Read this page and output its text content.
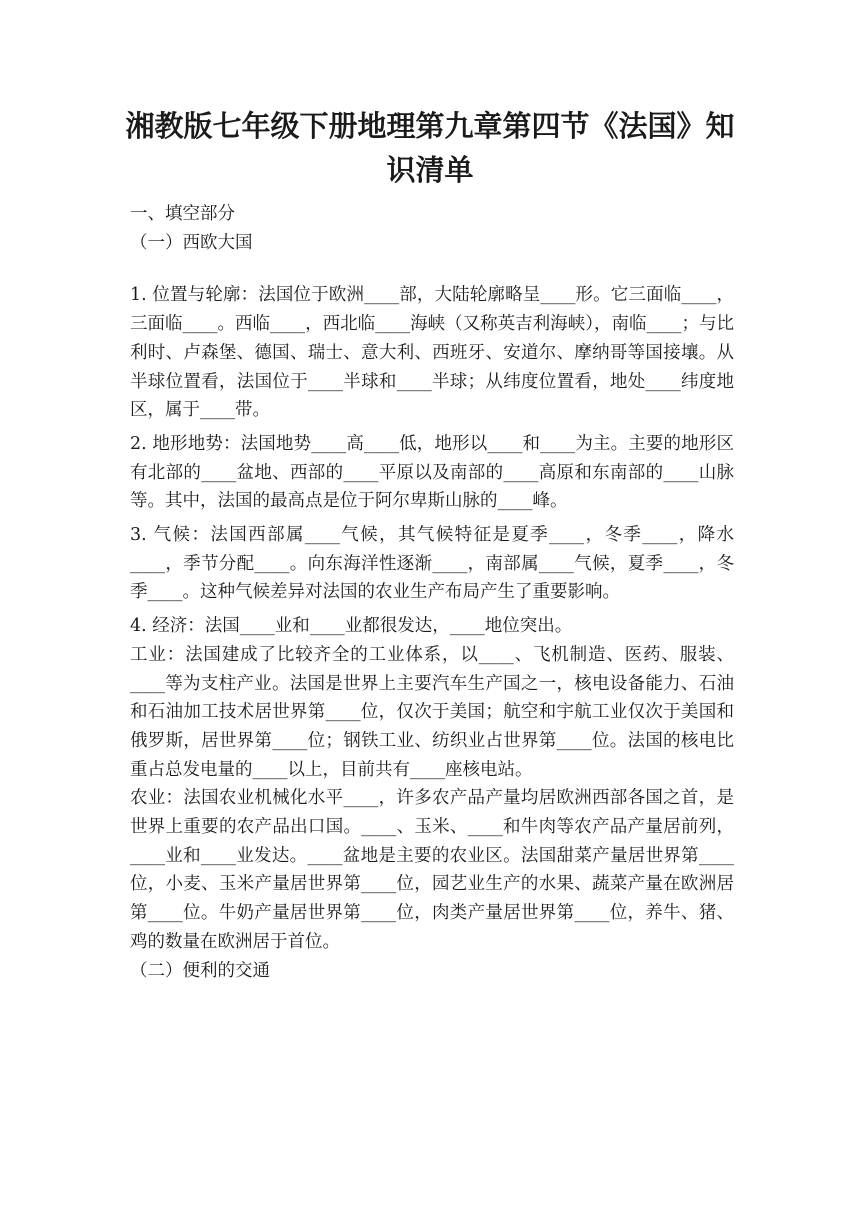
湘教版七年级下册地理第九章第四节《法国》知识清单

一、填空部分

（一）西欧大国

1. 位置与轮廓：法国位于欧洲____部，大陆轮廓略呈____形。它三面临____，三面临____。西临____，西北临____海峡（又称英吉利海峡），南临____；与比利时、卢森堡、德国、瑞士、意大利、西班牙、安道尔、摩纳哥等国接壤。从半球位置看，法国位于____半球和____半球；从纬度位置看，地处____纬度地区，属于____带。

2. 地形地势：法国地势____高____低，地形以____和____为主。主要的地形区有北部的____盆地、西部的____平原以及南部的____高原和东南部的____山脉等。其中，法国的最高点是位于阿尔卑斯山脉的____峰。

3. 气候：法国西部属____气候，其气候特征是夏季____，冬季____，降水____，季节分配____。向东海洋性逐渐____，南部属____气候，夏季____，冬季____。这种气候差异对法国的农业生产布局产生了重要影响。

4. 经济：法国____业和____业都很发达，____地位突出。

工业：法国建成了比较齐全的工业体系，以____、飞机制造、医药、服装、____等为支柱产业。法国是世界上主要汽车生产国之一，核电设备能力、石油和石油加工技术居世界第____位，仅次于美国；航空和宇航工业仅次于美国和俄罗斯，居世界第____位；钢铁工业、纺织业占世界第____位。法国的核电比重占总发电量的____以上，目前共有____座核电站。

农业：法国农业机械化水平____，许多农产品产量均居欧洲西部各国之首，是世界上重要的农产品出口国。____、玉米、____和牛肉等农产品产量居前列，____业和____业发达。____盆地是主要的农业区。法国甜菜产量居世界第____位，小麦、玉米产量居世界第____位，园艺业生产的水果、蔬菜产量在欧洲居第____位。牛奶产量居世界第____位，肉类产量居世界第____位，养牛、猪、鸡的数量在欧洲居于首位。

（二）便利的交通
